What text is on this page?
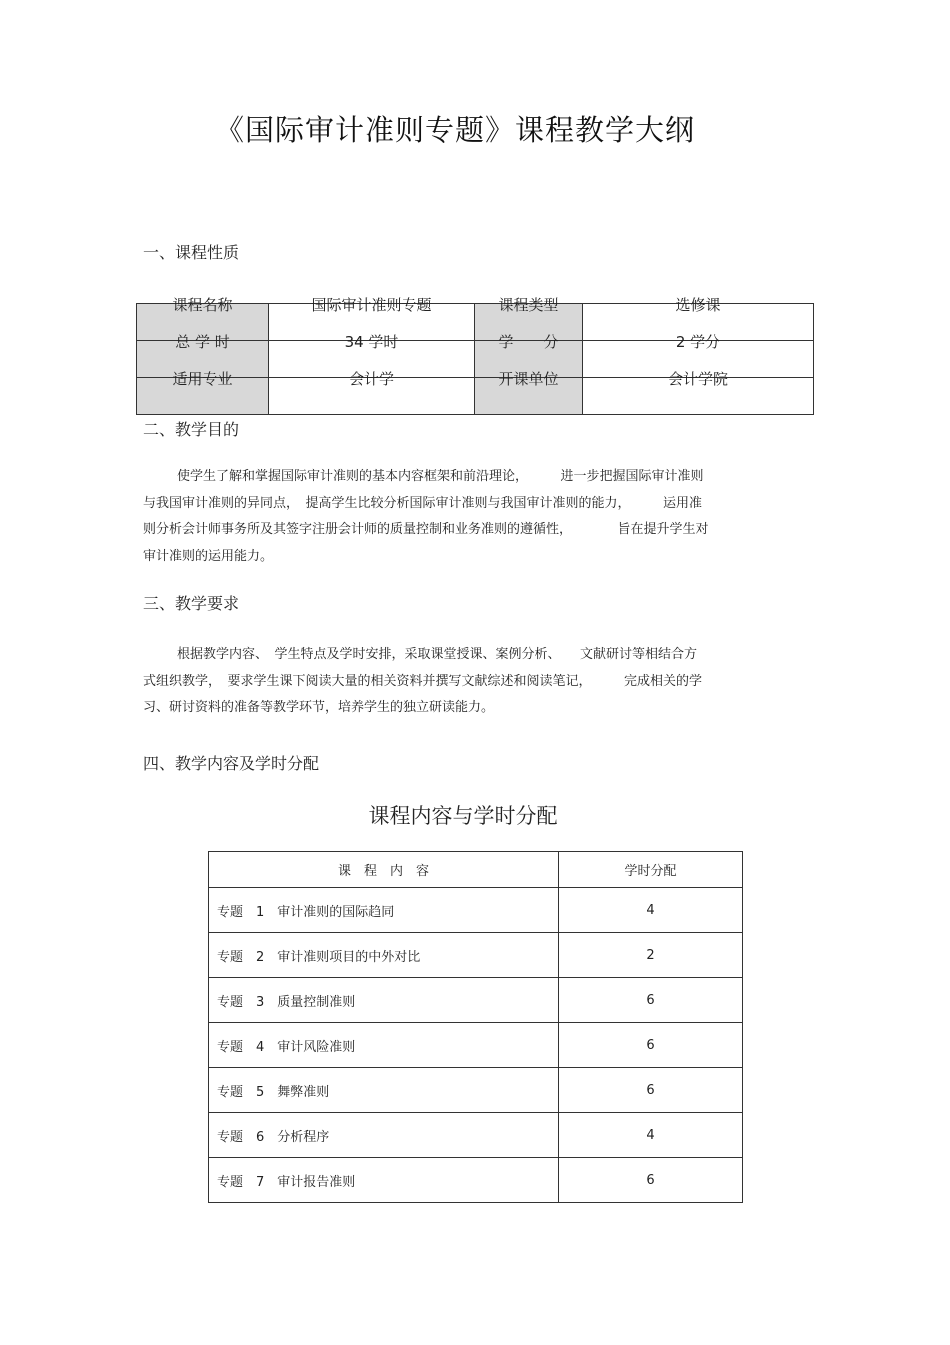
《国际审计准则专题》课程教学大纲
一、课程性质
课程名称	国际审计准则专题	课程类型	选修课

总 学 时	34 学时	学　　分	2 学分

适用专业	会计学	开课单位	会计学院
二、教学目的
使学生了解和掌握国际审计准则的基本内容框架和前沿理论，　　　进一步把握国际审计准则
与我国审计准则的异同点，　提高学生比较分析国际审计准则与我国审计准则的能力，　　　运用准
则分析会计师事务所及其签字注册会计师的质量控制和业务准则的遵循性，　　　　旨在提升学生对
审计准则的运用能力。
三、教学要求
根据教学内容、　学生特点及学时安排，采取课堂授课、案例分析、　　文献研讨等相结合方
式组织教学，　要求学生课下阅读大量的相关资料并撰写文献综述和阅读笔记，　　　完成相关的学
习、研讨资料的准备等教学环节，培养学生的独立研读能力。
四、教学内容及学时分配
课程内容与学时分配
课　程　内　容	学时分配
专题　1　审计准则的国际趋同	4
专题　2　审计准则项目的中外对比	2
专题　3　质量控制准则	6
专题　4　审计风险准则	6
专题　5　舞弊准则	6
专题　6　分析程序	4
专题　7　审计报告准则	6
